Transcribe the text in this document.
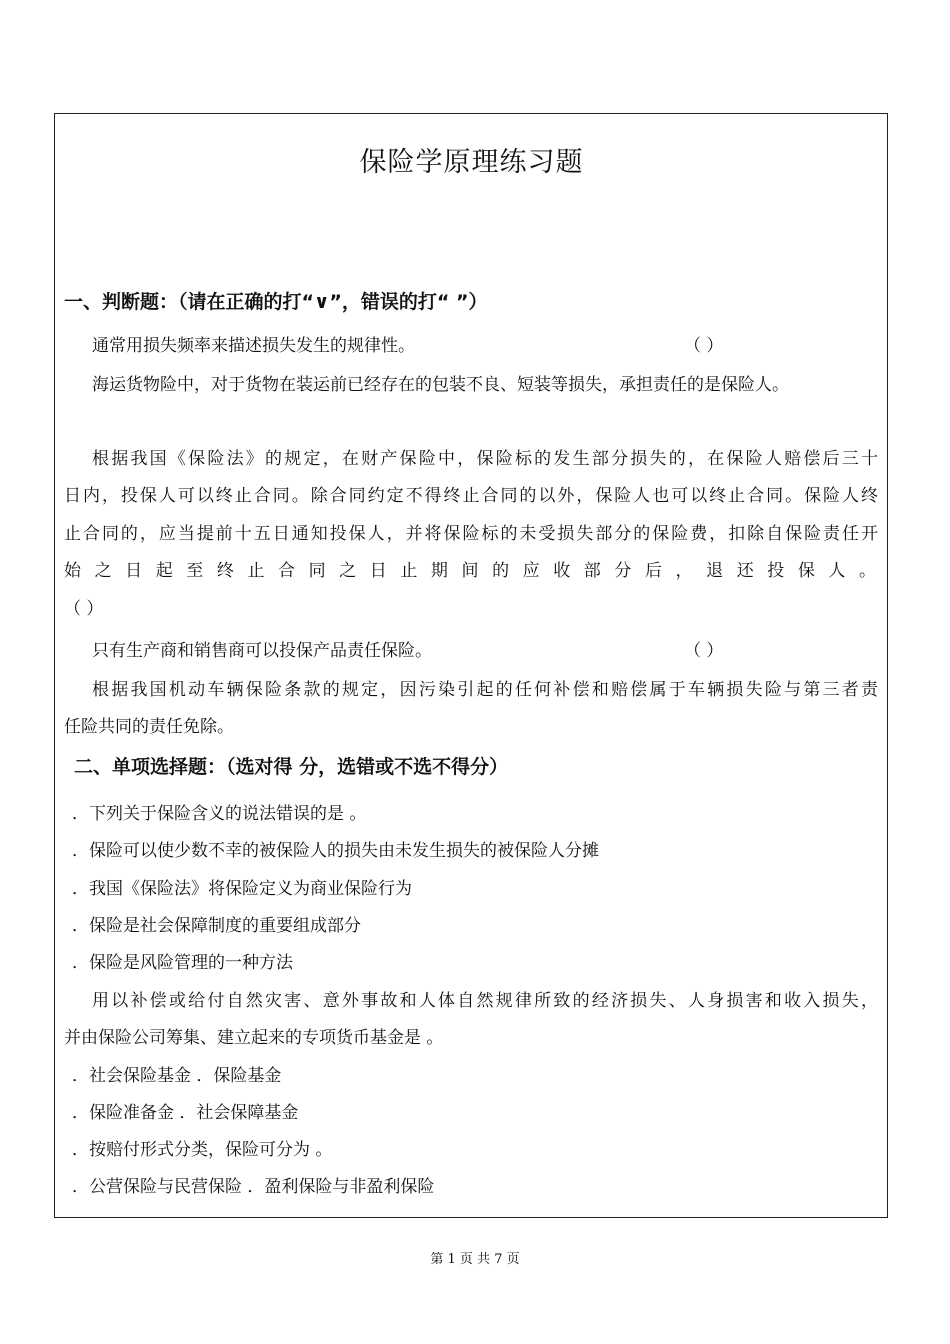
保险学原理练习题
一、判断题：（请在正确的打“∨”，错误的打“ ”）
通常用损失频率来描述损失发生的规律性。	（ ）
海运货物险中，对于货物在装运前已经存在的包装不良、短装等损失，承担责任的是保险人。
根据我国《保险法》的规定，在财产保险中，保险标的发生部分损失的，在保险人赔偿后三十
日内，投保人可以终止合同。除合同约定不得终止合同的以外，保险人也可以终止合同。保险人终
止合同的，应当提前十五日通知投保人，并将保险标的未受损失部分的保险费，扣除自保险责任开
始之日起至终止合同之日止期间的应收部分后，退还投保人。
（ ）
只有生产商和销售商可以投保产品责任保险。	（ ）
根据我国机动车辆保险条款的规定，因污染引起的任何补偿和赔偿属于车辆损失险与第三者责
任险共同的责任免除。
二、单项选择题：（选对得 分，选错或不选不得分）
．下列关于保险含义的说法错误的是 。
．保险可以使少数不幸的被保险人的损失由未发生损失的被保险人分摊
．我国《保险法》将保险定义为商业保险行为
．保险是社会保障制度的重要组成部分
．保险是风险管理的一种方法
用以补偿或给付自然灾害、意外事故和人体自然规律所致的经济损失、人身损害和收入损失，
并由保险公司筹集、建立起来的专项货币基金是 。
．社会保险基金 ．保险基金
．保险准备金 ．社会保障基金
．按赔付形式分类，保险可分为 。
．公营保险与民营保险 ．盈利保险与非盈利保险
第 1 页 共 7 页
